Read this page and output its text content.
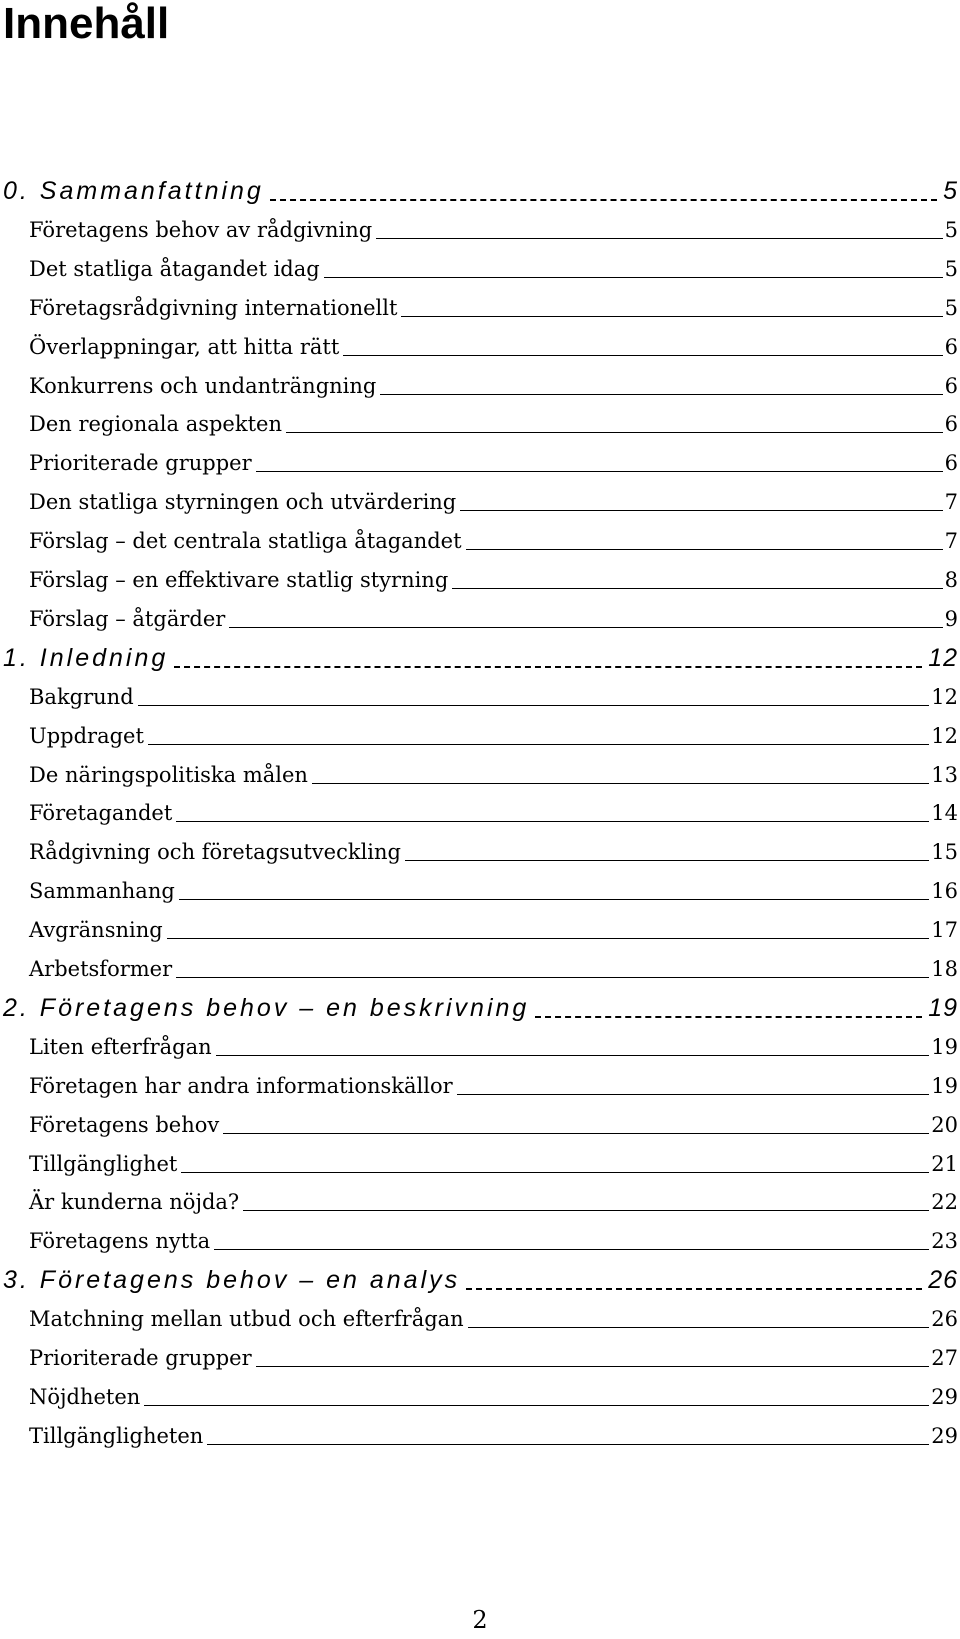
Innehåll
0. Sammanfattning	5
Företagens behov av rådgivning	5
Det statliga åtagandet idag	5
Företagsrådgivning internationellt	5
Överlappningar, att hitta rätt	6
Konkurrens och undanträngning	6
Den regionala aspekten	6
Prioriterade grupper	6
Den statliga styrningen och utvärdering	7
Förslag – det centrala statliga åtagandet	7
Förslag – en effektivare statlig styrning	8
Förslag – åtgärder	9
1. Inledning	12
Bakgrund	12
Uppdraget	12
De näringspolitiska målen	13
Företagandet	14
Rådgivning och företagsutveckling	15
Sammanhang	16
Avgränsning	17
Arbetsformer	18
2. Företagens behov – en beskrivning	19
Liten efterfrågan	19
Företagen har andra informationskällor	19
Företagens behov	20
Tillgänglighet	21
Är kunderna nöjda?	22
Företagens nytta	23
3. Företagens behov – en analys	26
Matchning mellan utbud och efterfrågan	26
Prioriterade grupper	27
Nöjdheten	29
Tillgängligheten	29
2
